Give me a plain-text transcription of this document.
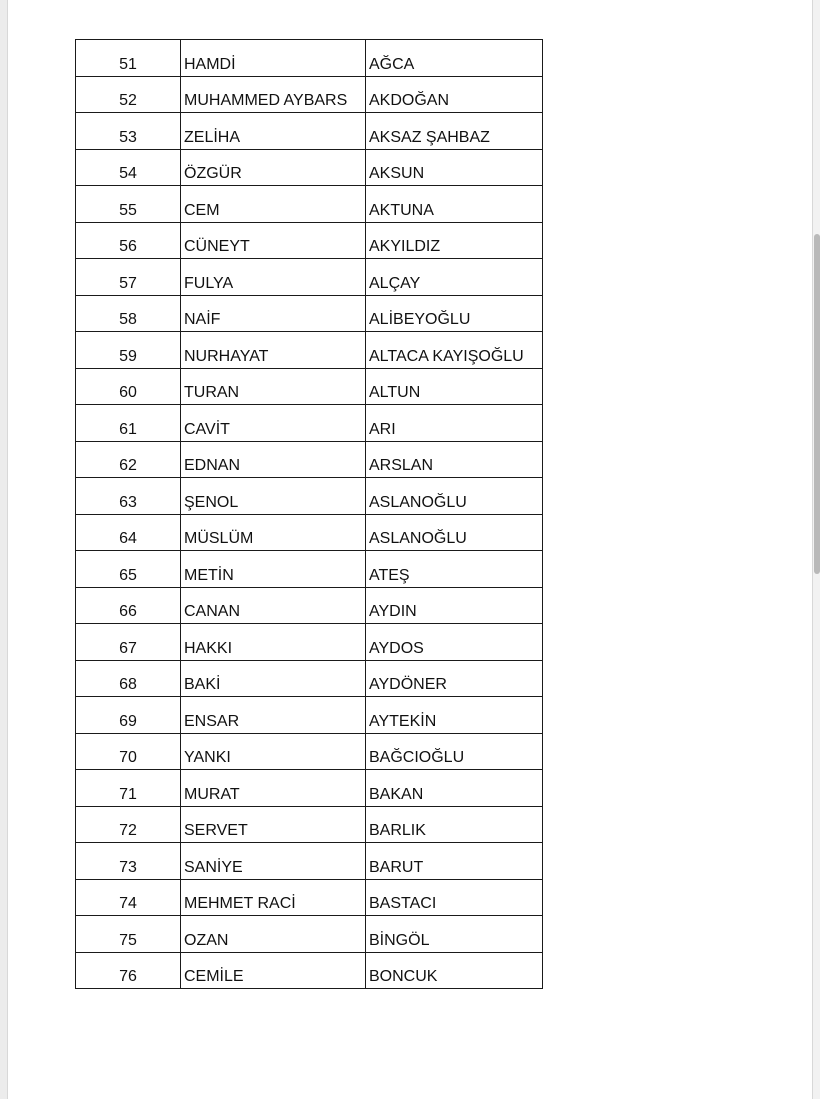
51	HAMDİ	AĞCA
52	MUHAMMED AYBARS	AKDOĞAN
53	ZELİHA	AKSAZ ŞAHBAZ
54	ÖZGÜR	AKSUN
55	CEM	AKTUNA
56	CÜNEYT	AKYILDIZ
57	FULYA	ALÇAY
58	NAİF	ALİBEYOĞLU
59	NURHAYAT	ALTACA KAYIŞOĞLU
60	TURAN	ALTUN
61	CAVİT	ARI
62	EDNAN	ARSLAN
63	ŞENOL	ASLANOĞLU
64	MÜSLÜM	ASLANOĞLU
65	METİN	ATEŞ
66	CANAN	AYDIN
67	HAKKI	AYDOS
68	BAKİ	AYDÖNER
69	ENSAR	AYTEKİN
70	YANKI	BAĞCIOĞLU
71	MURAT	BAKAN
72	SERVET	BARLIK
73	SANİYE	BARUT
74	MEHMET RACİ	BASTACI
75	OZAN	BİNGÖL
76	CEMİLE	BONCUK
